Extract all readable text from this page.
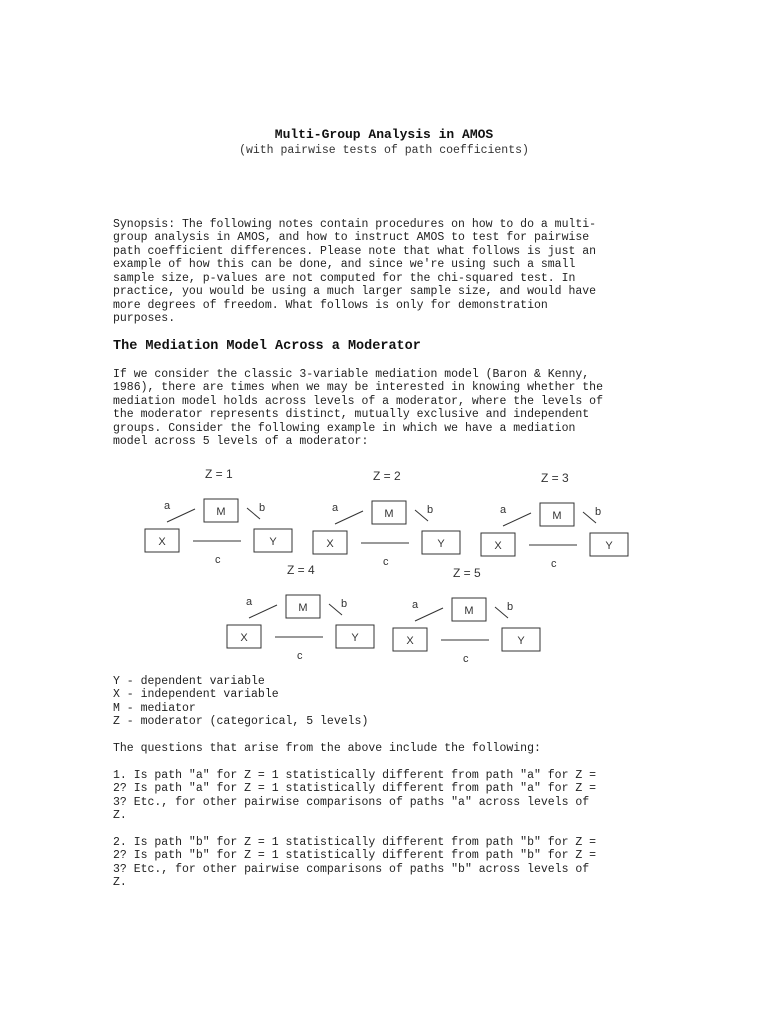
Multi-Group Analysis in AMOS
(with pairwise tests of path coefficients)

Synopsis: The following notes contain procedures on how to do a multi-
group analysis in AMOS, and how to instruct AMOS to test for pairwise
path coefficient differences. Please note that what follows is just an
example of how this can be done, and since we're using such a small
sample size, p-values are not computed for the chi-squared test. In
practice, you would be using a much larger sample size, and would have
more degrees of freedom. What follows is only for demonstration
purposes.

The Mediation Model Across a Moderator

If we consider the classic 3-variable mediation model (Baron & Kenny,
1986), there are times when we may be interested in knowing whether the
mediation model holds across levels of a moderator, where the levels of
the moderator represents distinct, mutually exclusive and independent
groups. Consider the following example in which we have a mediation
model across 5 levels of a moderator:

Z = 1
M
X	Y
a	b
c
Z = 2
M
X	Y
a	b
c
Z = 3
M
X	Y
a	b
c
Z = 4
M
X	Y
a	b
c
Z = 5
M
X	Y
a	b
c

Y - dependent variable
X - independent variable
M - mediator
Z - moderator (categorical, 5 levels)

The questions that arise from the above include the following:

1. Is path "a" for Z = 1 statistically different from path "a" for Z =
2? Is path "a" for Z = 1 statistically different from path "a" for Z =
3? Etc., for other pairwise comparisons of paths "a" across levels of
Z.

2. Is path "b" for Z = 1 statistically different from path "b" for Z =
2? Is path "b" for Z = 1 statistically different from path "b" for Z =
3? Etc., for other pairwise comparisons of paths "b" across levels of
Z.
